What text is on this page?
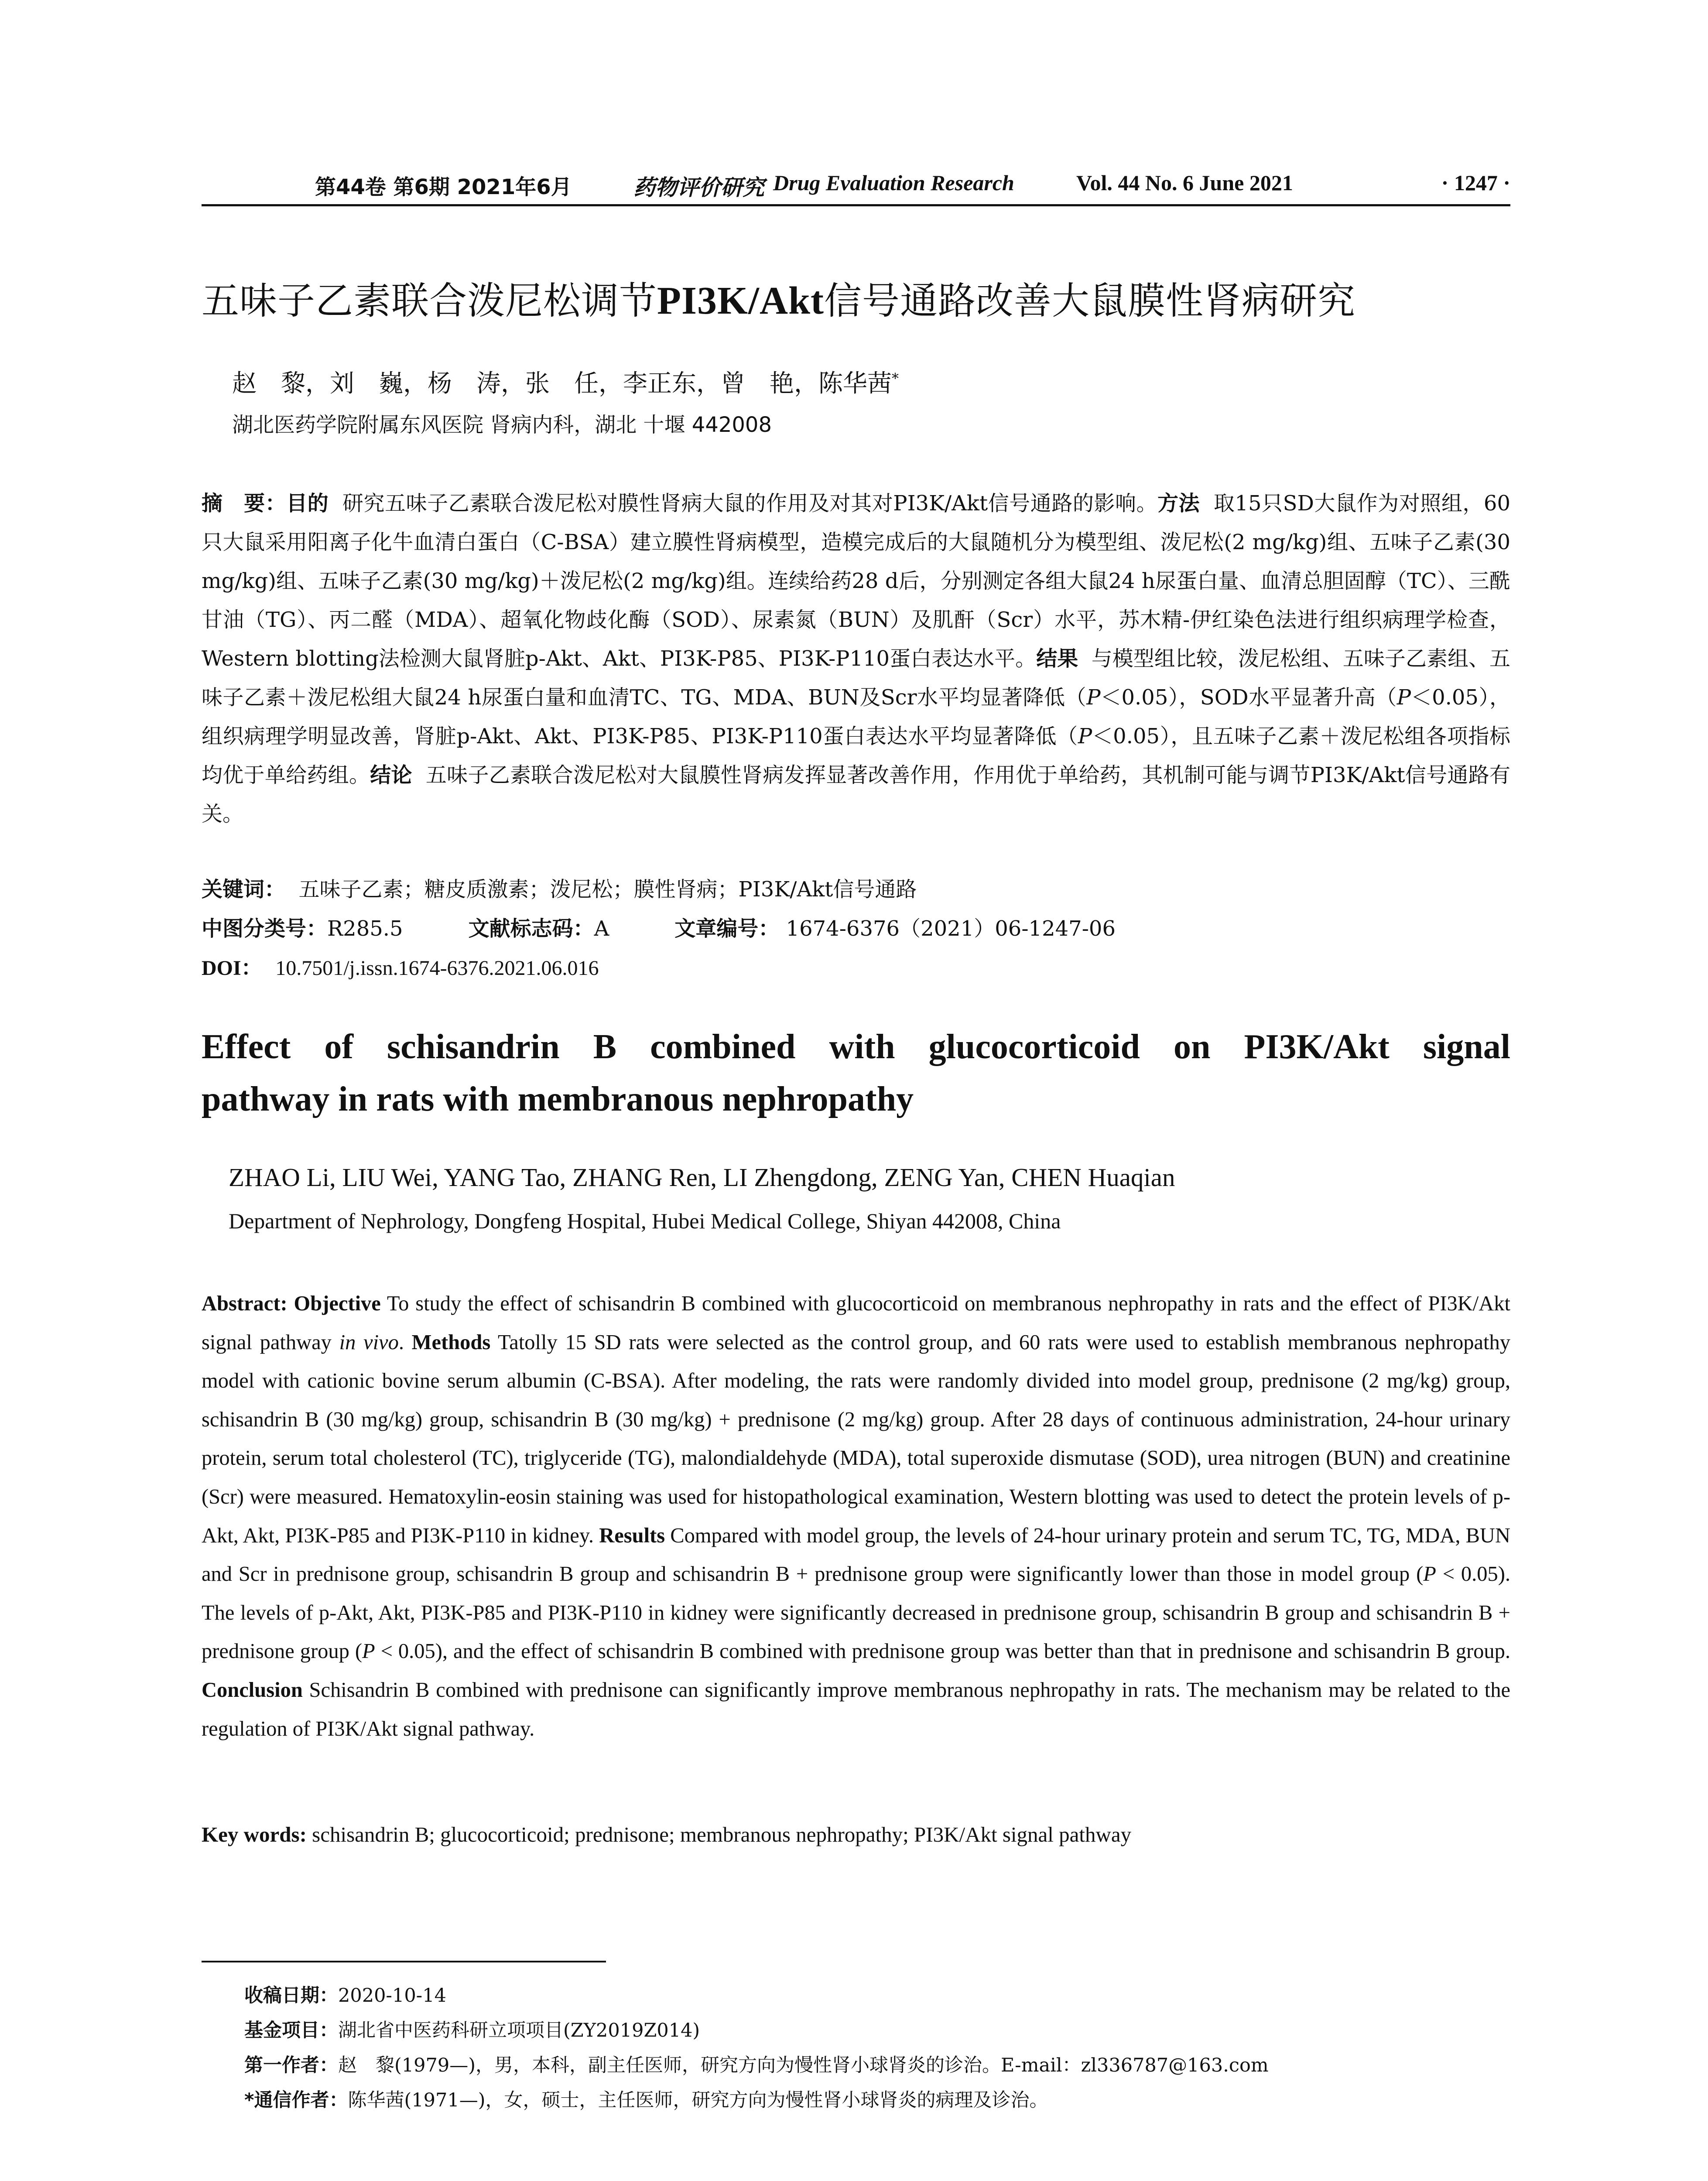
第44卷 第6期 2021年6月	药物评价研究 Drug Evaluation Research	Vol. 44 No. 6 June 2021	· 1247 ·
五味子乙素联合泼尼松调节PI3K/Akt信号通路改善大鼠膜性肾病研究
赵　黎，刘　巍，杨　涛，张　任，李正东，曾　艳，陈华茜*
湖北医药学院附属东风医院 肾病内科，湖北 十堰 442008
摘　要：目的 研究五味子乙素联合泼尼松对膜性肾病大鼠的作用及对其对PI3K/Akt信号通路的影响。方法 取15只SD大鼠作为对照组，60只大鼠采用阳离子化牛血清白蛋白（C-BSA）建立膜性肾病模型，造模完成后的大鼠随机分为模型组、泼尼松(2 mg/kg)组、五味子乙素(30 mg/kg)组、五味子乙素(30 mg/kg)＋泼尼松(2 mg/kg)组。连续给药28 d后，分别测定各组大鼠24 h尿蛋白量、血清总胆固醇（TC）、三酰甘油（TG）、丙二醛（MDA）、超氧化物歧化酶（SOD）、尿素氮（BUN）及肌酐（Scr）水平，苏木精-伊红染色法进行组织病理学检查，Western blotting法检测大鼠肾脏p-Akt、Akt、PI3K-P85、PI3K-P110蛋白表达水平。结果 与模型组比较，泼尼松组、五味子乙素组、五味子乙素＋泼尼松组大鼠24 h尿蛋白量和血清TC、TG、MDA、BUN及Scr水平均显著降低（P＜0.05），SOD水平显著升高（P＜0.05），组织病理学明显改善，肾脏p-Akt、Akt、PI3K-P85、PI3K-P110蛋白表达水平均显著降低（P＜0.05），且五味子乙素＋泼尼松组各项指标均优于单给药组。结论 五味子乙素联合泼尼松对大鼠膜性肾病发挥显著改善作用，作用优于单给药，其机制可能与调节PI3K/Akt信号通路有关。
关键词： 五味子乙素；糖皮质激素；泼尼松；膜性肾病；PI3K/Akt信号通路
中图分类号：R285.5	文献标志码：A	文章编号： 1674-6376（2021）06-1247-06
DOI： 10.7501/j.issn.1674-6376.2021.06.016
Effect of schisandrin B combined with glucocorticoid on PI3K/Akt signal
pathway in rats with membranous nephropathy
ZHAO Li, LIU Wei, YANG Tao, ZHANG Ren, LI Zhengdong, ZENG Yan, CHEN Huaqian
Department of Nephrology, Dongfeng Hospital, Hubei Medical College, Shiyan 442008, China
Abstract: Objective To study the effect of schisandrin B combined with glucocorticoid on membranous nephropathy in rats and the effect of PI3K/Akt signal pathway in vivo. Methods Tatolly 15 SD rats were selected as the control group, and 60 rats were used to establish membranous nephropathy model with cationic bovine serum albumin (C-BSA). After modeling, the rats were randomly divided into model group, prednisone (2 mg/kg) group, schisandrin B (30 mg/kg) group, schisandrin B (30 mg/kg) + prednisone (2 mg/kg) group. After 28 days of continuous administration, 24-hour urinary protein, serum total cholesterol (TC), triglyceride (TG), malondialdehyde (MDA), total superoxide dismutase (SOD), urea nitrogen (BUN) and creatinine (Scr) were measured. Hematoxylin-eosin staining was used for histopathological examination, Western blotting was used to detect the protein levels of p-Akt, Akt, PI3K-P85 and PI3K-P110 in kidney. Results Compared with model group, the levels of 24-hour urinary protein and serum TC, TG, MDA, BUN and Scr in prednisone group, schisandrin B group and schisandrin B + prednisone group were significantly lower than those in model group (P < 0.05). The levels of p-Akt, Akt, PI3K-P85 and PI3K-P110 in kidney were significantly decreased in prednisone group, schisandrin B group and schisandrin B + prednisone group (P < 0.05), and the effect of schisandrin B combined with prednisone group was better than that in prednisone and schisandrin B group. Conclusion Schisandrin B combined with prednisone can significantly improve membranous nephropathy in rats. The mechanism may be related to the regulation of PI3K/Akt signal pathway.
Key words: schisandrin B; glucocorticoid; prednisone; membranous nephropathy; PI3K/Akt signal pathway
收稿日期：2020-10-14
基金项目：湖北省中医药科研立项项目(ZY2019Z014)
第一作者：赵　黎(1979—)，男，本科，副主任医师，研究方向为慢性肾小球肾炎的诊治。E-mail：zl336787@163.com
*通信作者：陈华茜(1971—)，女，硕士，主任医师，研究方向为慢性肾小球肾炎的病理及诊治。
